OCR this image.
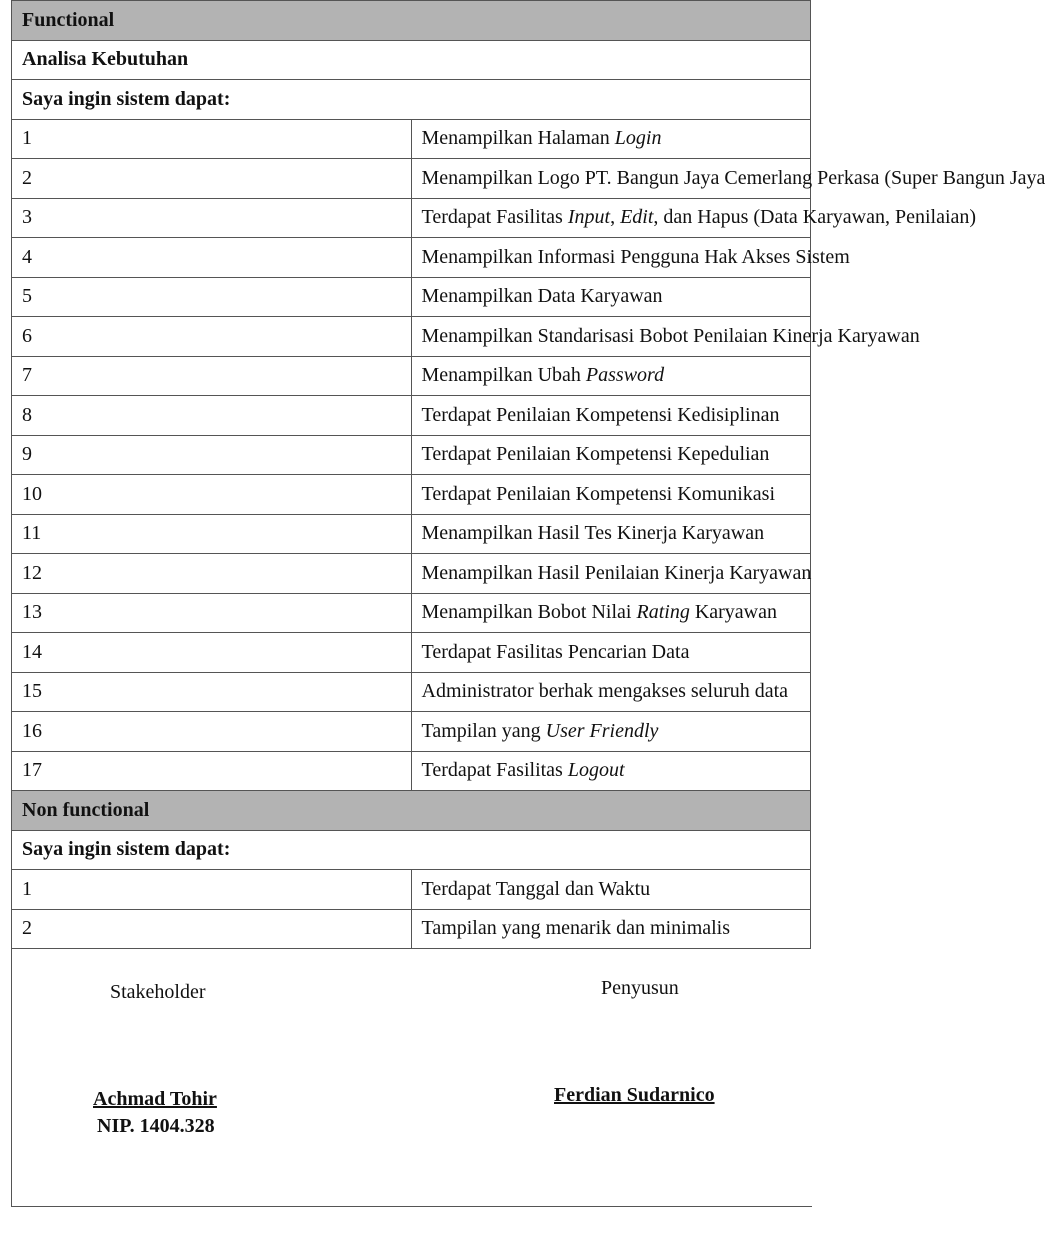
Functional	
Analisa Kebutuhan	
Saya ingin sistem dapat:	
1	Menampilkan Halaman Login
2	Menampilkan Logo PT. Bangun Jaya Cemerlang Perkasa (Super Bangun Jaya
3	Terdapat Fasilitas Input, Edit, dan Hapus (Data Karyawan, Penilaian)
4	Menampilkan Informasi Pengguna Hak Akses Sistem
5	Menampilkan Data Karyawan
6	Menampilkan Standarisasi Bobot Penilaian Kinerja Karyawan
7	Menampilkan Ubah Password
8	Terdapat Penilaian Kompetensi Kedisiplinan
9	Terdapat Penilaian Kompetensi Kepedulian
10	Terdapat Penilaian Kompetensi Komunikasi
11	Menampilkan Hasil Tes Kinerja Karyawan
12	Menampilkan Hasil Penilaian Kinerja Karyawan
13	Menampilkan Bobot Nilai Rating Karyawan
14	Terdapat Fasilitas Pencarian Data
15	Administrator berhak mengakses seluruh data
16	Tampilan yang User Friendly
17	Terdapat Fasilitas Logout
Non functional	
Saya ingin sistem dapat:	
1	Terdapat Tanggal dan Waktu
2	Tampilan yang menarik dan minimalis
Stakeholder
Achmad Tohir
NIP. 1404.328
Penyusun
Ferdian Sudarnico
